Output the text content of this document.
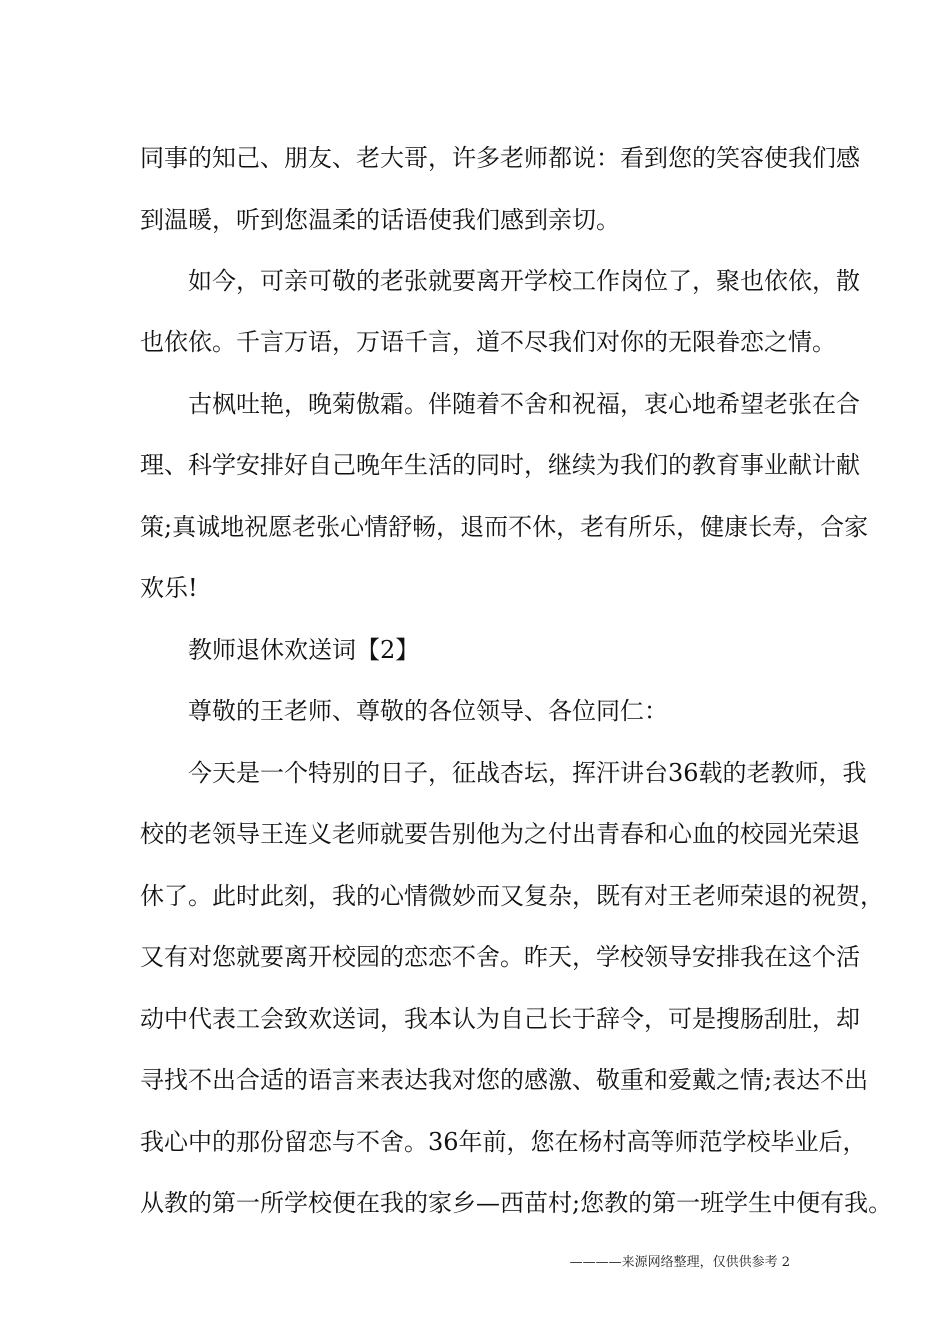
同事的知己、朋友、老大哥，许多老师都说：看到您的笑容使我们感
到温暖，听到您温柔的话语使我们感到亲切。
如今，可亲可敬的老张就要离开学校工作岗位了，聚也依依，散
也依依。千言万语，万语千言，道不尽我们对你的无限眷恋之情。
古枫吐艳，晚菊傲霜。伴随着不舍和祝福，衷心地希望老张在合
理、科学安排好自己晚年生活的同时，继续为我们的教育事业献计献
策;真诚地祝愿老张心情舒畅，退而不休，老有所乐，健康长寿，合家
欢乐!
教师退休欢送词【2】
尊敬的王老师、尊敬的各位领导、各位同仁：
今天是一个特别的日子，征战杏坛，挥汗讲台36载的老教师，我
校的老领导王连义老师就要告别他为之付出青春和心血的校园光荣退
休了。此时此刻，我的心情微妙而又复杂，既有对王老师荣退的祝贺，
又有对您就要离开校园的恋恋不舍。昨天，学校领导安排我在这个活
动中代表工会致欢送词，我本认为自己长于辞令，可是搜肠刮肚，却
寻找不出合适的语言来表达我对您的感激、敬重和爱戴之情;表达不出
我心中的那份留恋与不舍。36年前，您在杨村高等师范学校毕业后，
从教的第一所学校便在我的家乡—西苗村;您教的第一班学生中便有我。
————来源网络整理，仅供供参考 2
